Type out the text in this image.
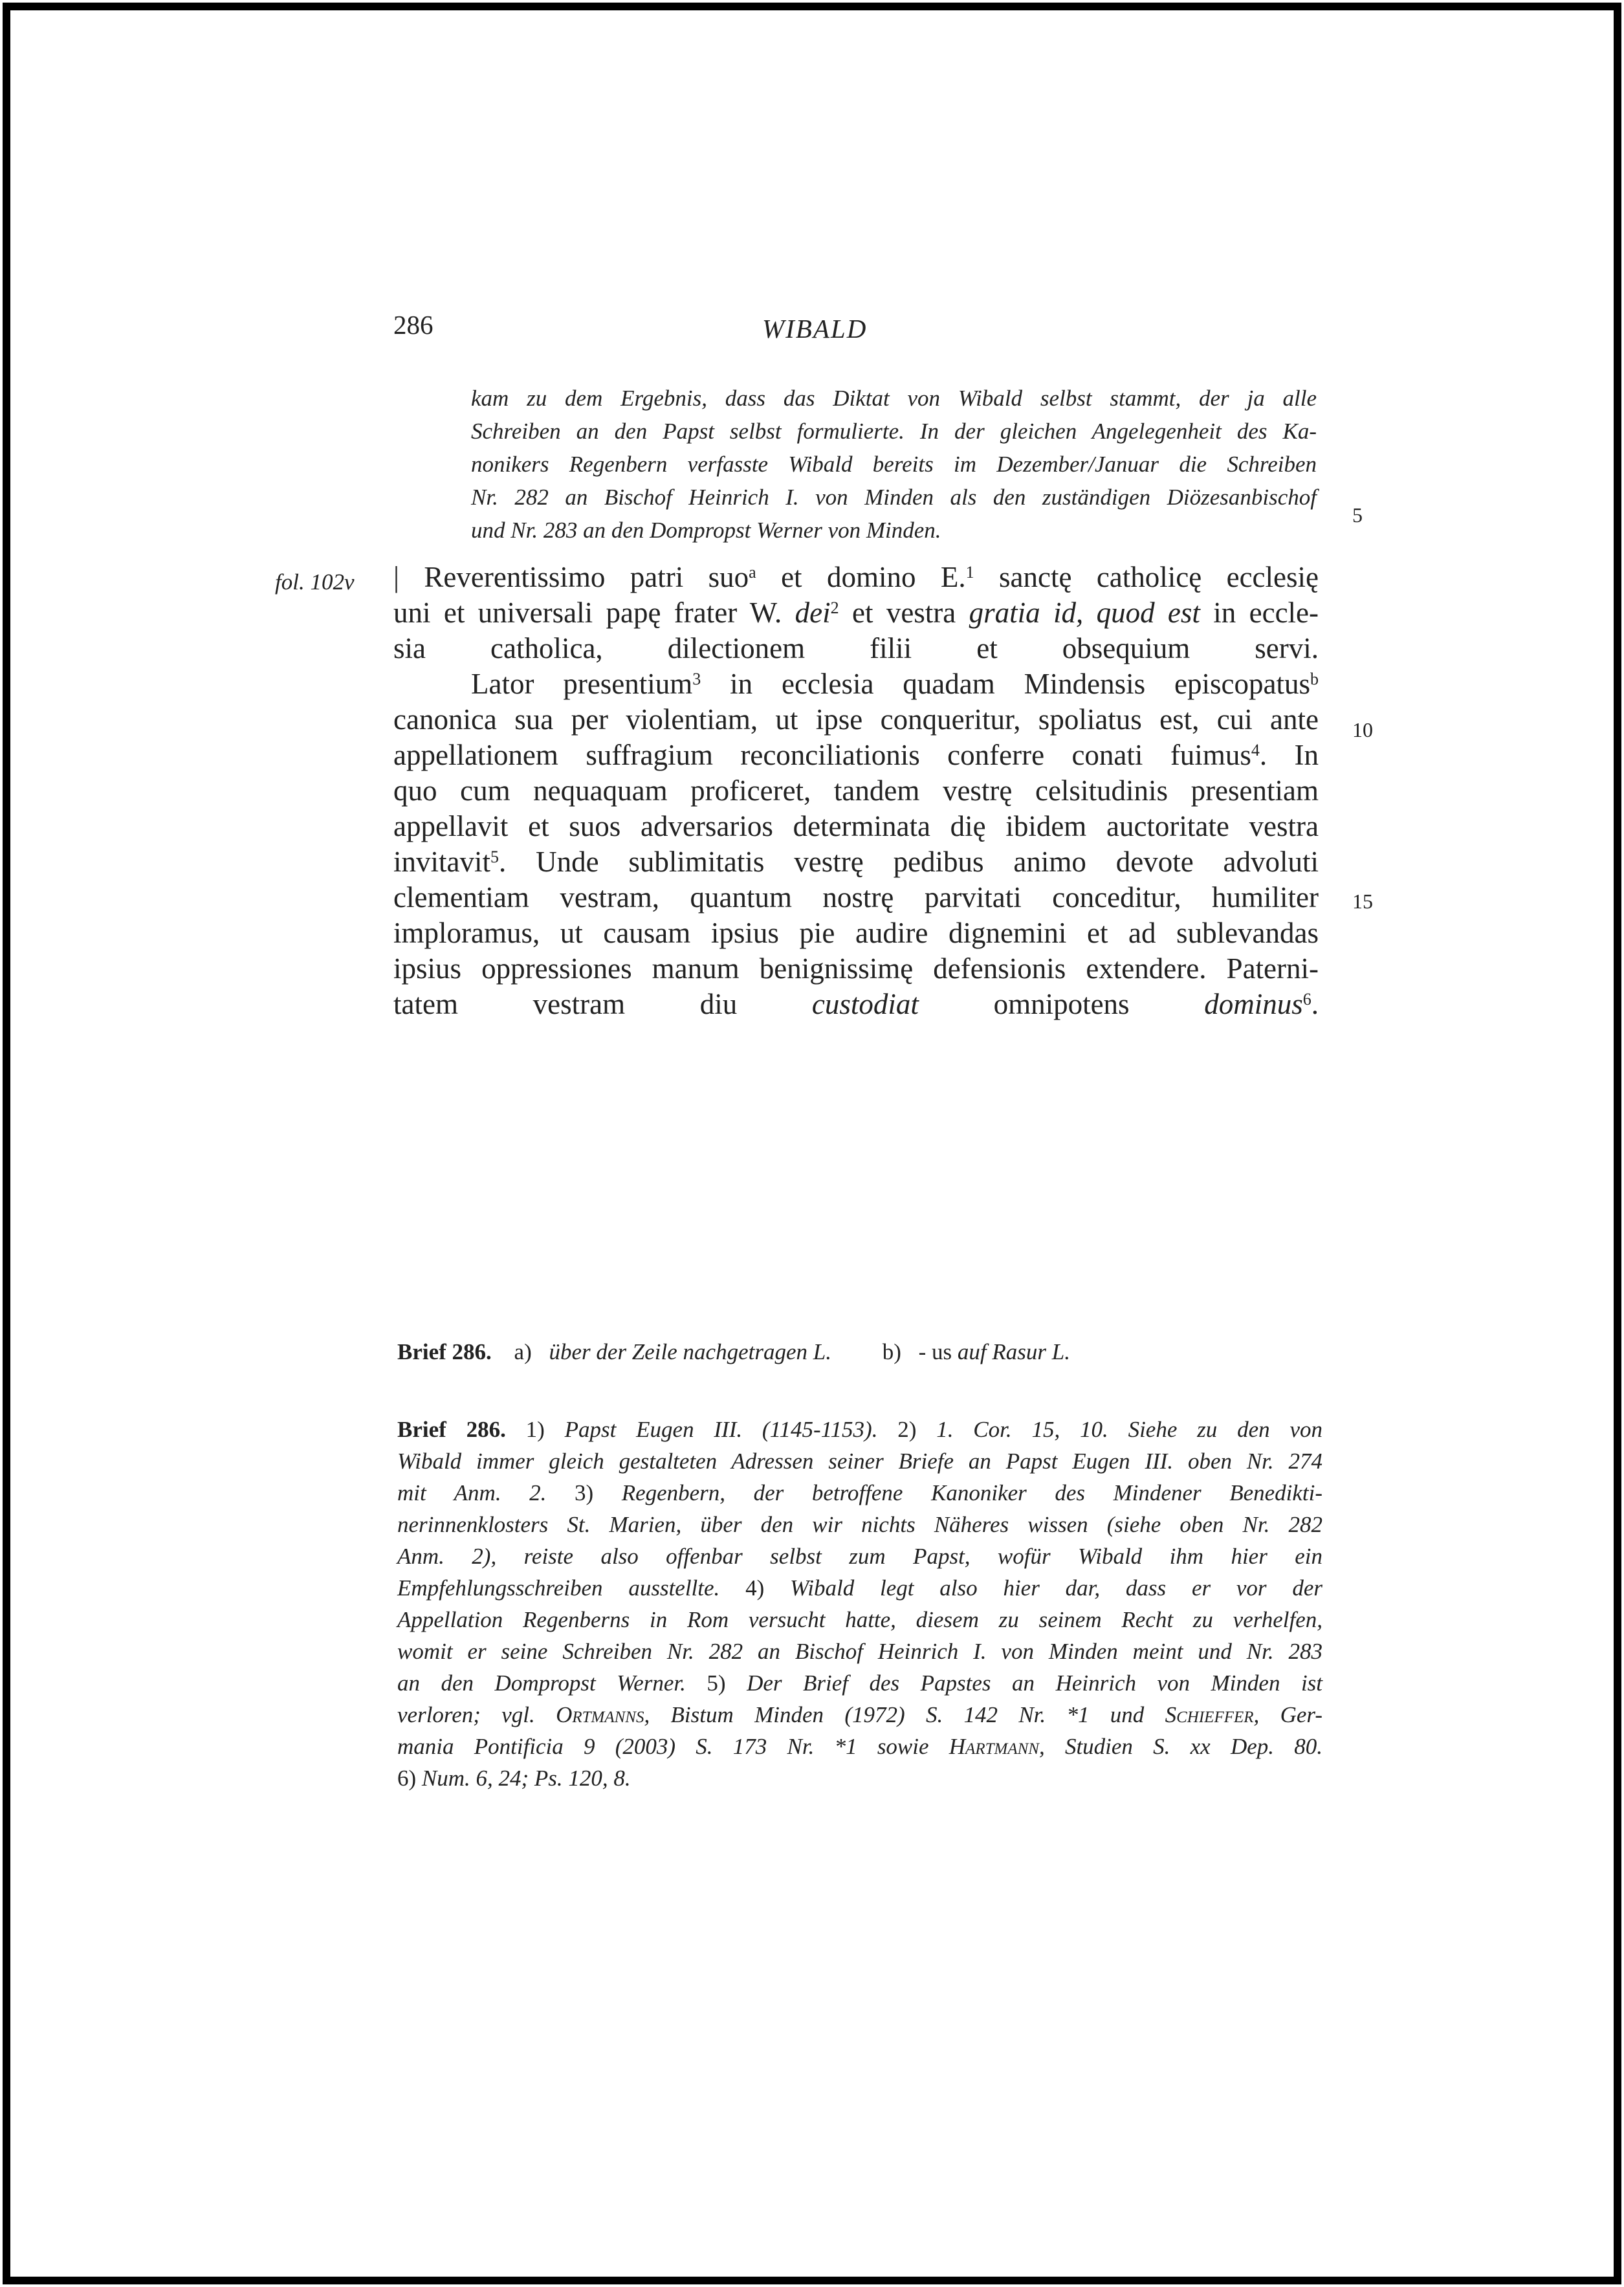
286	WIBALD
kam zu dem Ergebnis, dass das Diktat von Wibald selbst stammt, der ja alle
Schreiben an den Papst selbst formulierte. In der gleichen Angelegenheit des Ka-
nonikers Regenbern verfasste Wibald bereits im Dezember/Januar die Schreiben
Nr. 282 an Bischof Heinrich I. von Minden als den zuständigen Diözesanbischof
und Nr. 283 an den Dompropst Werner von Minden.
5
10
15
fol. 102v | Reverentissimo patri suo$^a$ et domino E.$^1$ sanctę catholicę ecclesię
uni et universali papę frater W. dei$^2$ et vestra gratia id, quod est in eccle-
sia catholica, dilectionem filii et obsequium servi.
Lator presentium$^3$ in ecclesia quadam Mindensis episcopatus$^b$
canonica sua per violentiam, ut ipse conqueritur, spoliatus est, cui ante
appellationem suffragium reconciliationis conferre conati fuimus$^4$. In
quo cum nequaquam proficeret, tandem vestrę celsitudinis presentiam
appellavit et suos adversarios determinata dię ibidem auctoritate vestra
invitavit$^5$. Unde sublimitatis vestrę pedibus animo devote advoluti
clementiam vestram, quantum nostrę parvitati conceditur, humiliter
imploramus, ut causam ipsius pie audire dignemini et ad sublevandas
ipsius oppressiones manum benignissimę defensionis extendere. Paterni-
tatem vestram diu custodiat omnipotens dominus$^6$.
Brief 286. a) über der Zeile nachgetragen L. b) - us auf Rasur L.
Brief 286. 1) Papst Eugen III. (1145-1153). 2) 1. Cor. 15, 10. Siehe zu den von
Wibald immer gleich gestalteten Adressen seiner Briefe an Papst Eugen III. oben Nr. 274
mit Anm. 2. 3) Regenbern, der betroffene Kanoniker des Mindener Benedikti-
nerinnenklosters St. Marien, über den wir nichts Näheres wissen (siehe oben Nr. 282
Anm. 2), reiste also offenbar selbst zum Papst, wofür Wibald ihm hier ein
Empfehlungsschreiben ausstellte. 4) Wibald legt also hier dar, dass er vor der
Appellation Regenberns in Rom versucht hatte, diesem zu seinem Recht zu verhelfen,
womit er seine Schreiben Nr. 282 an Bischof Heinrich I. von Minden meint und Nr. 283
an den Dompropst Werner. 5) Der Brief des Papstes an Heinrich von Minden ist
verloren; vgl. Ortmanns, Bistum Minden (1972) S. 142 Nr. *1 und Schieffer, Ger-
mania Pontificia 9 (2003) S. 173 Nr. *1 sowie Hartmann, Studien S. xx Dep. 80.
6) Num. 6, 24; Ps. 120, 8.
